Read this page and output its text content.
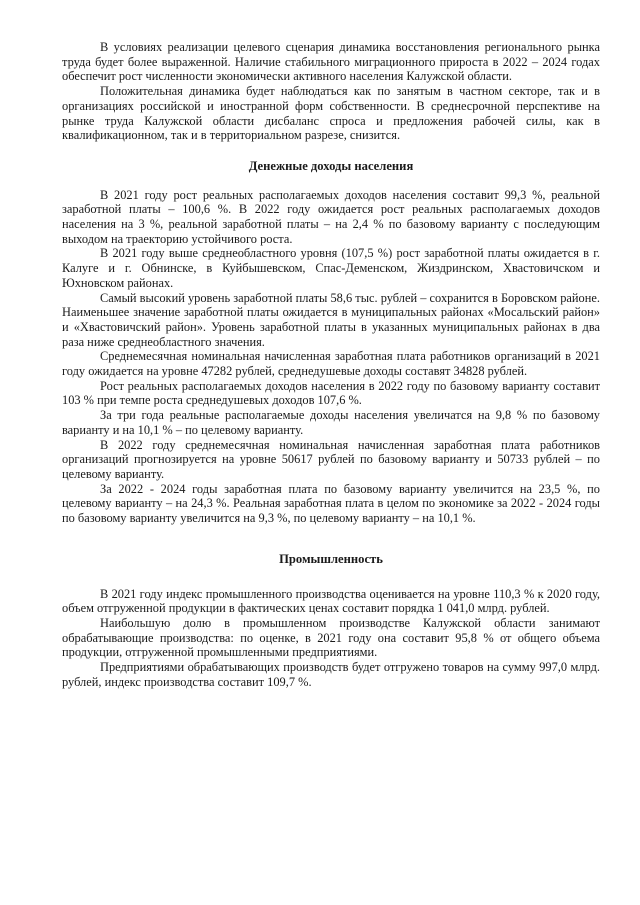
В условиях реализации целевого сценария динамика восстановления регионального рынка труда будет более выраженной. Наличие стабильного миграционного прироста в 2022 – 2024 годах обеспечит рост численности экономически активного населения Калужской области.

Положительная динамика будет наблюдаться как по занятым в частном секторе, так и в организациях российской и иностранной форм собственности. В среднесрочной перспективе на рынке труда Калужской области дисбаланс спроса и предложения рабочей силы, как в квалификационном, так и в территориальном разрезе, снизится.

Денежные доходы населения

В 2021 году рост реальных располагаемых доходов населения составит 99,3 %, реальной заработной платы – 100,6 %. В 2022 году ожидается рост реальных располагаемых доходов населения на 3 %, реальной заработной платы – на 2,4 % по базовому варианту с последующим выходом на траекторию устойчивого роста.

В 2021 году выше среднеобластного уровня (107,5 %) рост заработной платы ожидается в г. Калуге и г. Обнинске, в Куйбышевском, Спас-Деменском, Жиздринском, Хвастовичском и Юхновском районах.

Самый высокий уровень заработной платы 58,6 тыс. рублей – сохранится в Боровском районе. Наименьшее значение заработной платы ожидается в муниципальных районах «Мосальский район» и «Хвастовичский район». Уровень заработной платы в указанных муниципальных районах в два раза ниже среднеобластного значения.

Среднемесячная номинальная начисленная заработная плата работников организаций в 2021 году ожидается на уровне 47282 рублей, среднедушевые доходы составят 34828 рублей.

Рост реальных располагаемых доходов населения в 2022 году по базовому варианту составит 103 % при темпе роста среднедушевых доходов 107,6 %.

За три года реальные располагаемые доходы населения увеличатся на 9,8 % по базовому варианту и на 10,1 % – по целевому варианту.

В 2022 году среднемесячная номинальная начисленная заработная плата работников организаций прогнозируется на уровне 50617 рублей по базовому варианту и 50733 рублей – по целевому варианту.

За 2022 - 2024 годы заработная плата по базовому варианту увеличится на 23,5 %, по целевому варианту – на 24,3 %. Реальная заработная плата в целом по экономике за 2022 - 2024 годы по базовому варианту увеличится на 9,3 %, по целевому варианту – на 10,1 %.

Промышленность

В 2021 году индекс промышленного производства оценивается на уровне 110,3 % к 2020 году, объем отгруженной продукции в фактических ценах составит порядка 1 041,0 млрд. рублей.

Наибольшую долю в промышленном производстве Калужской области занимают обрабатывающие производства: по оценке, в 2021 году она составит 95,8 % от общего объема продукции, отгруженной промышленными предприятиями.

Предприятиями обрабатывающих производств будет отгружено товаров на сумму 997,0 млрд. рублей, индекс производства составит 109,7 %.
